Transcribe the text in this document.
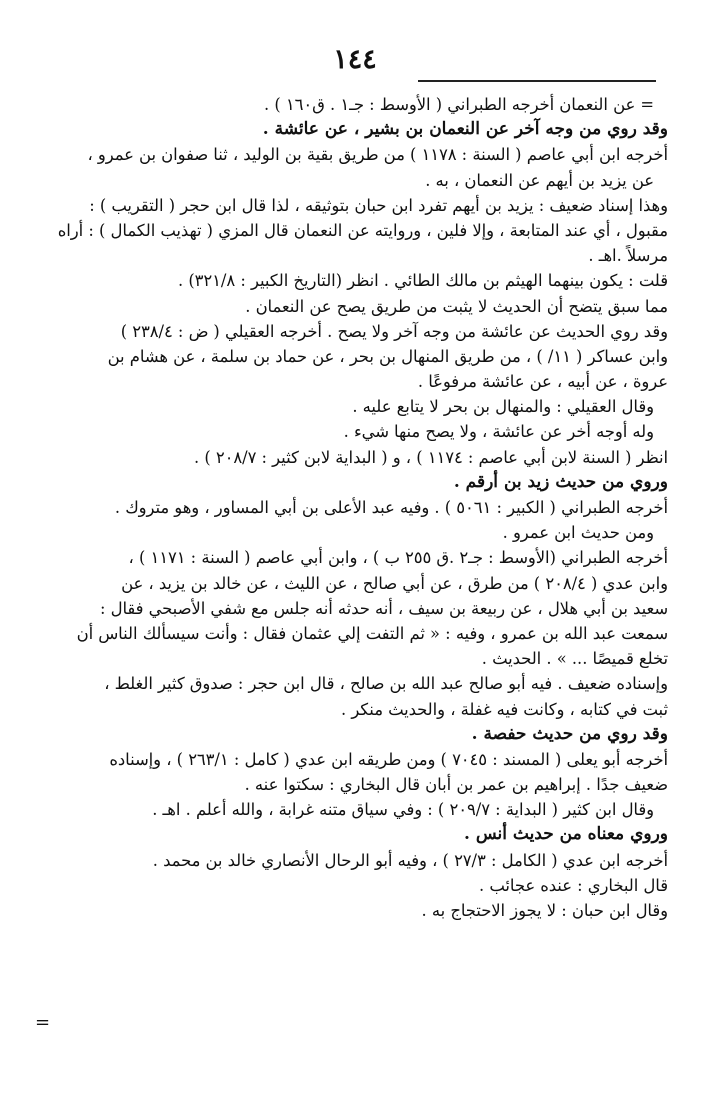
١٤٤
= عن النعمان أخرجه الطبراني ( الأوسط : جـ١ . ق١٦٠ ) .
وقد روي من وجه آخر عن النعمان بن بشير ، عن عائشة .
أخرجه ابن أبي عاصم ( السنة : ١١٧٨ ) من طريق بقية بن الوليد ، ثنا صفوان بن عمرو ،
عن يزيد بن أيهم عن النعمان ، به .
وهذا إسناد ضعيف : يزيد بن أيهم تفرد ابن حبان بتوثيقه ، لذا قال ابن حجر ( التقريب ) :
مقبول ، أي عند المتابعة ، وإلا فلين ، وروايته عن النعمان قال المزي ( تهذيب الكمال ) : أراه
مرسلاً .اهـ .
قلت : يكون بينهما الهيثم بن مالك الطائي . انظر (التاريخ الكبير : ٣٢١/٨) .
مما سبق يتضح أن الحديث لا يثبت من طريق يصح عن النعمان .
وقد روي الحديث عن عائشة من وجه آخر ولا يصح . أخرجه العقيلي ( ض : ٢٣٨/٤ )
وابن عساكر ( ١١/ ) ، من طريق المنهال بن بحر ، عن حماد بن سلمة ، عن هشام بن
عروة ، عن أبيه ، عن عائشة مرفوعًا .
وقال العقيلي : والمنهال بن بحر لا يتابع عليه .
وله أوجه أخر عن عائشة ، ولا يصح منها شيء .
انظر ( السنة لابن أبي عاصم : ١١٧٤ ) ، و ( البداية لابن كثير : ٢٠٨/٧ ) .
وروي من حديث زيد بن أرقم .
أخرجه الطبراني ( الكبير : ٥٠٦١ ) . وفيه عبد الأعلى بن أبي المساور ، وهو متروك .
ومن حديث ابن عمرو .
أخرجه الطبراني (الأوسط : جـ٢ .ق ٢٥٥ ب ) ، وابن أبي عاصم ( السنة : ١١٧١ ) ،
وابن عدي ( ٢٠٨/٤ ) من طرق ، عن أبي صالح ، عن الليث ، عن خالد بن يزيد ، عن
سعيد بن أبي هلال ، عن ربيعة بن سيف ، أنه حدثه أنه جلس مع شفي الأصبحي فقال :
سمعت عبد الله بن عمرو ، وفيه : « ثم التفت إلي عثمان فقال : وأنت سيسألك الناس أن
تخلع قميصًا ... » . الحديث .
وإسناده ضعيف . فيه أبو صالح عبد الله بن صالح ، قال ابن حجر : صدوق كثير الغلط ،
ثبت في كتابه ، وكانت فيه غفلة ، والحديث منكر .
وقد روي من حديث حفصة .
أخرجه أبو يعلى ( المسند : ٧٠٤٥ ) ومن طريقه ابن عدي ( كامل : ٢٦٣/١ ) ، وإسناده
ضعيف جدًا . إبراهيم بن عمر بن أبان قال البخاري : سكتوا عنه .
وقال ابن كثير ( البداية : ٢٠٩/٧ ) : وفي سياق متنه غرابة ، والله أعلم . اهـ .
وروي معناه من حديث أنس .
أخرجه ابن عدي ( الكامل : ٢٧/٣ ) ، وفيه أبو الرحال الأنصاري خالد بن محمد .
قال البخاري : عنده عجائب .
وقال ابن حبان : لا يجوز الاحتجاج به .
=
